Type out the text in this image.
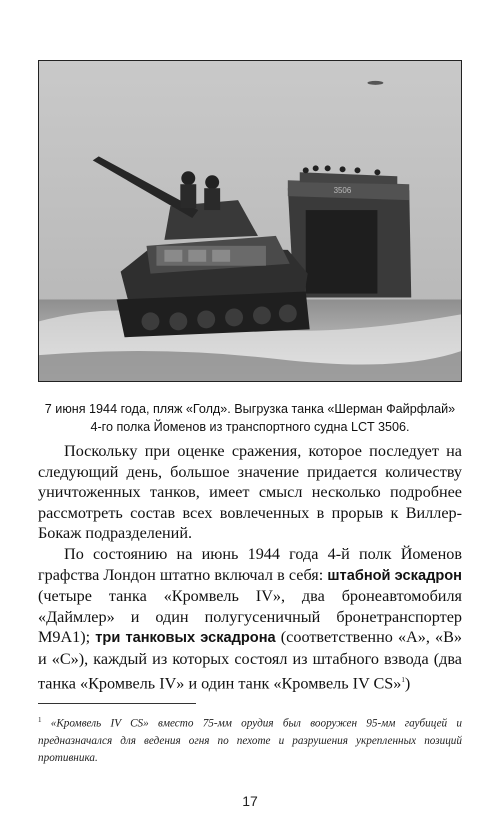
3506
7 июня 1944 года, пляж «Голд». Выгрузка танка «Шерман Файрфлай»
4-го полка Йоменов из транспортного судна LCT 3506.

Поскольку при оценке сражения, которое последует на следующий день, большое значение придается количеству уничтоженных танков, имеет смысл несколько подробнее рассмотреть состав всех вовлеченных в прорыв к Виллер-Бокаж подразделений.

По состоянию на июнь 1944 года 4-й полк Йоменов графства Лондон штатно включал в себя: штабной эскадрон (четыре танка «Кромвель IV», два бронеавтомобиля «Даймлер» и один полугусеничный бронетранспортер M9A1); три танковых эскадрона (соответственно «A», «B» и «C»), каждый из которых состоял из штабного взвода (два танка «Кромвель IV» и один танк «Кромвель IV CS»$^1$)

$^1$ «Кромвель IV CS» вместо 75-мм орудия был вооружен 95-мм гаубицей и предназначался для ведения огня по пехоте и разрушения укрепленных позиций противника.
17
